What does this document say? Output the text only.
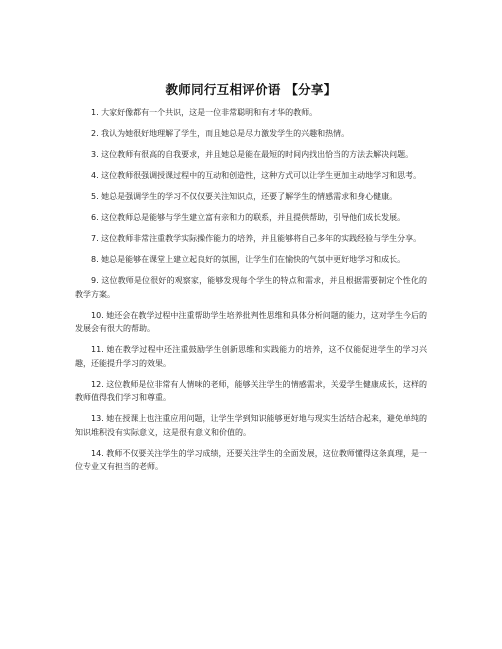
教师同行互相评价语 【分享】

1. 大家好像都有一个共识，这是一位非常聪明和有才华的教师。

2. 我认为她很好地理解了学生，而且她总是尽力激发学生的兴趣和热情。

3. 这位教师有很高的自我要求，并且她总是能在最短的时间内找出恰当的方法去解决问题。

4. 这位教师很强调授课过程中的互动和创造性，这种方式可以让学生更加主动地学习和思考。

5. 她总是强调学生的学习不仅仅要关注知识点，还要了解学生的情感需求和身心健康。

6. 这位教师总是能够与学生建立富有亲和力的联系，并且提供帮助，引导他们成长发展。

7. 这位教师非常注重教学实际操作能力的培养，并且能够将自己多年的实践经验与学生分享。

8. 她总是能够在课堂上建立起良好的氛围，让学生们在愉快的气氛中更好地学习和成长。

9. 这位教师是位很好的观察家，能够发现每个学生的特点和需求，并且根据需要制定个性化的教学方案。

10. 她还会在教学过程中注重帮助学生培养批判性思维和具体分析问题的能力，这对学生今后的发展会有很大的帮助。

11. 她在教学过程中还注重鼓励学生创新思维和实践能力的培养，这不仅能促进学生的学习兴趣，还能提升学习的效果。

12. 这位教师是位非常有人情味的老师，能够关注学生的情感需求，关爱学生健康成长，这样的教师值得我们学习和尊重。

13. 她在授课上也注重应用问题，让学生学到知识能够更好地与现实生活结合起来，避免单纯的知识堆积没有实际意义，这是很有意义和价值的。

14. 教师不仅要关注学生的学习成绩，还要关注学生的全面发展，这位教师懂得这条真理，是一位专业又有担当的老师。
